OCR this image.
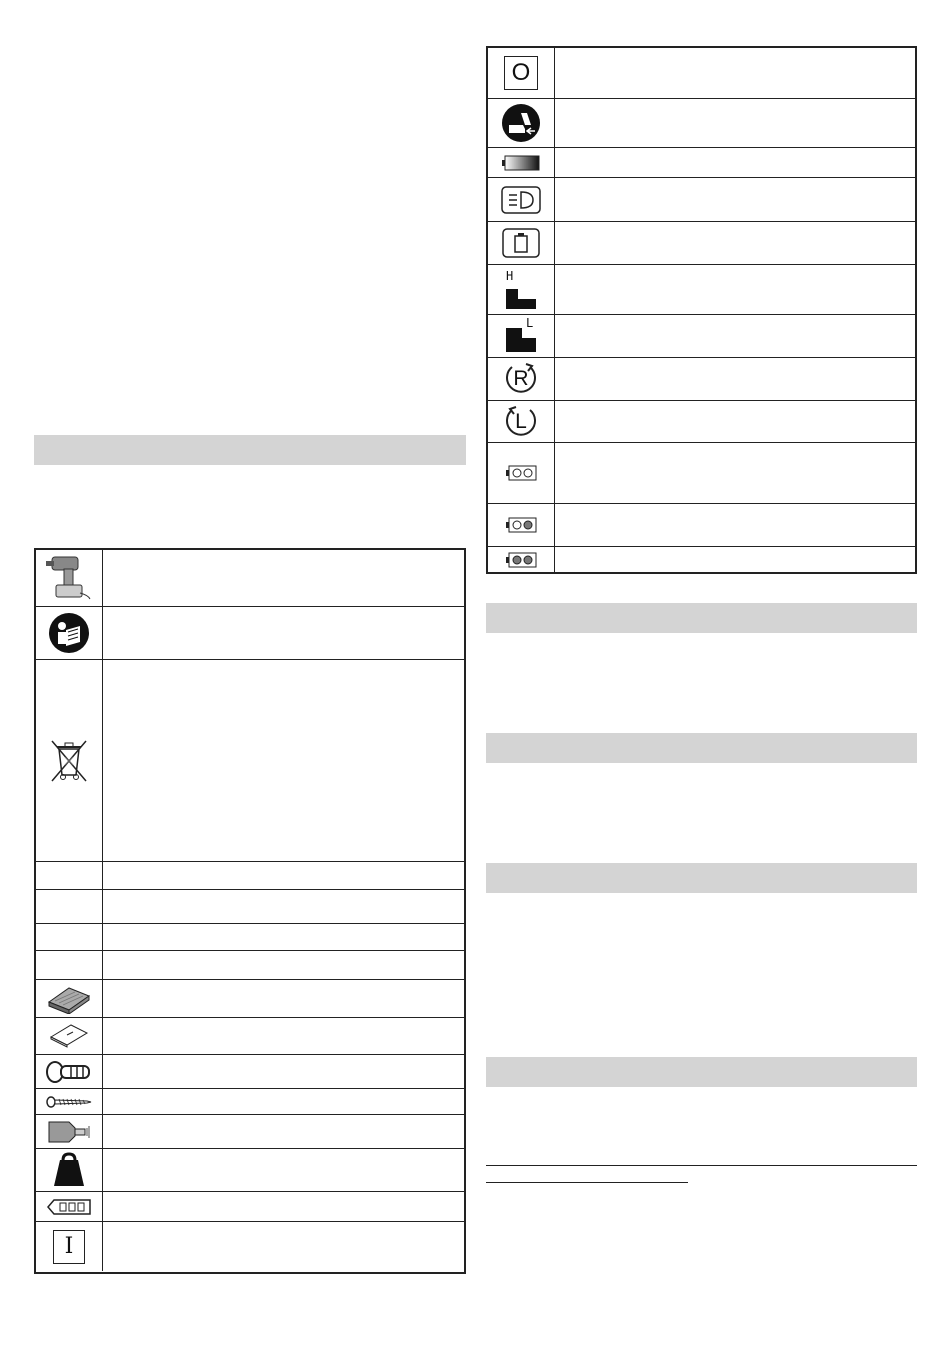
I
O
H
L
R
L
